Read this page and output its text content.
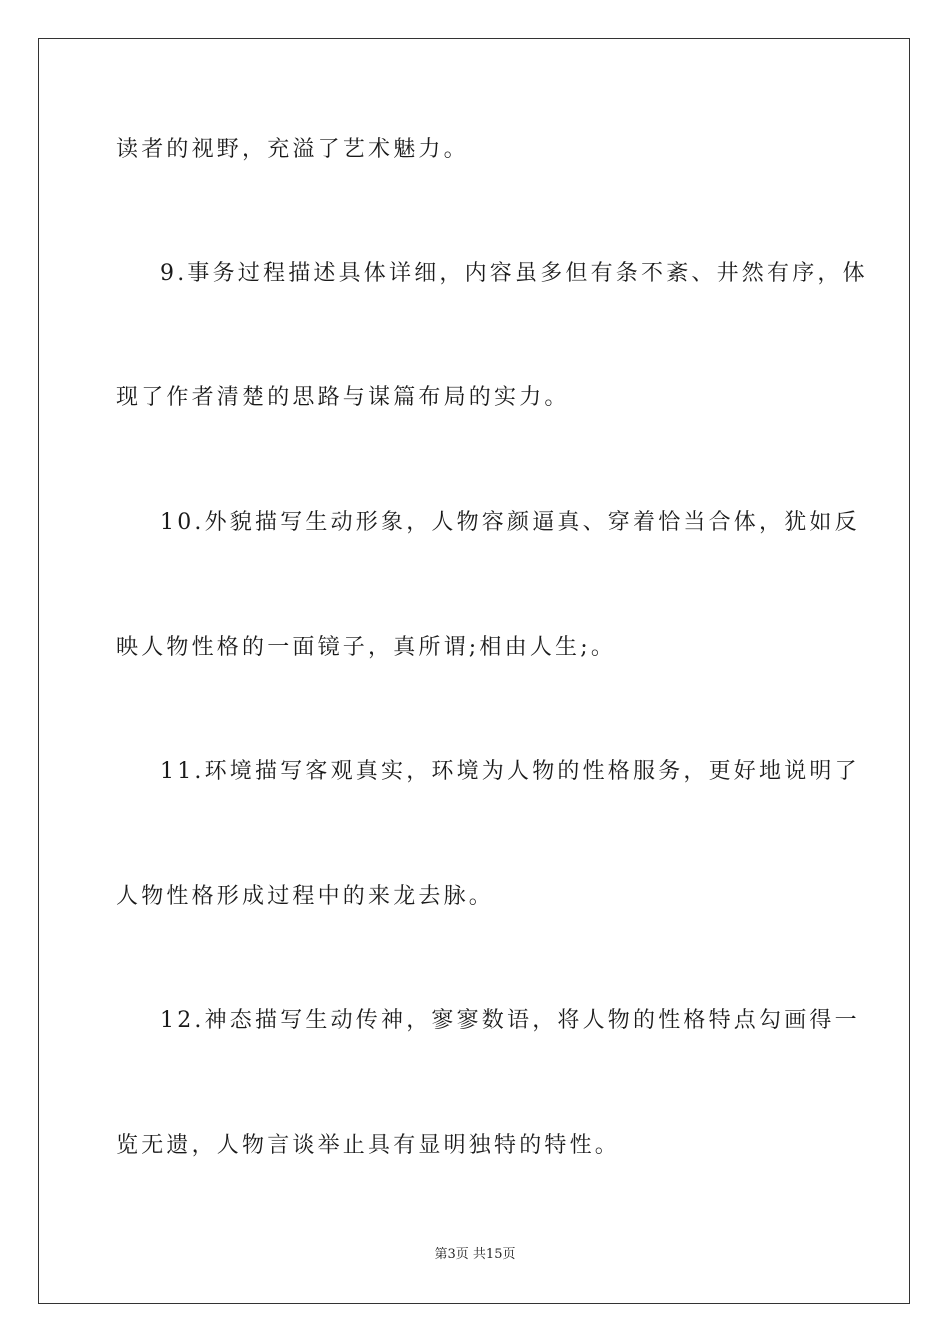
读者的视野，充溢了艺术魅力。
9.事务过程描述具体详细，内容虽多但有条不紊、井然有序，体
现了作者清楚的思路与谋篇布局的实力。
10.外貌描写生动形象，人物容颜逼真、穿着恰当合体，犹如反
映人物性格的一面镜子，真所谓;相由人生;。
11.环境描写客观真实，环境为人物的性格服务，更好地说明了
人物性格形成过程中的来龙去脉。
12.神态描写生动传神，寥寥数语，将人物的性格特点勾画得一
览无遗，人物言谈举止具有显明独特的特性。
第3页 共15页
